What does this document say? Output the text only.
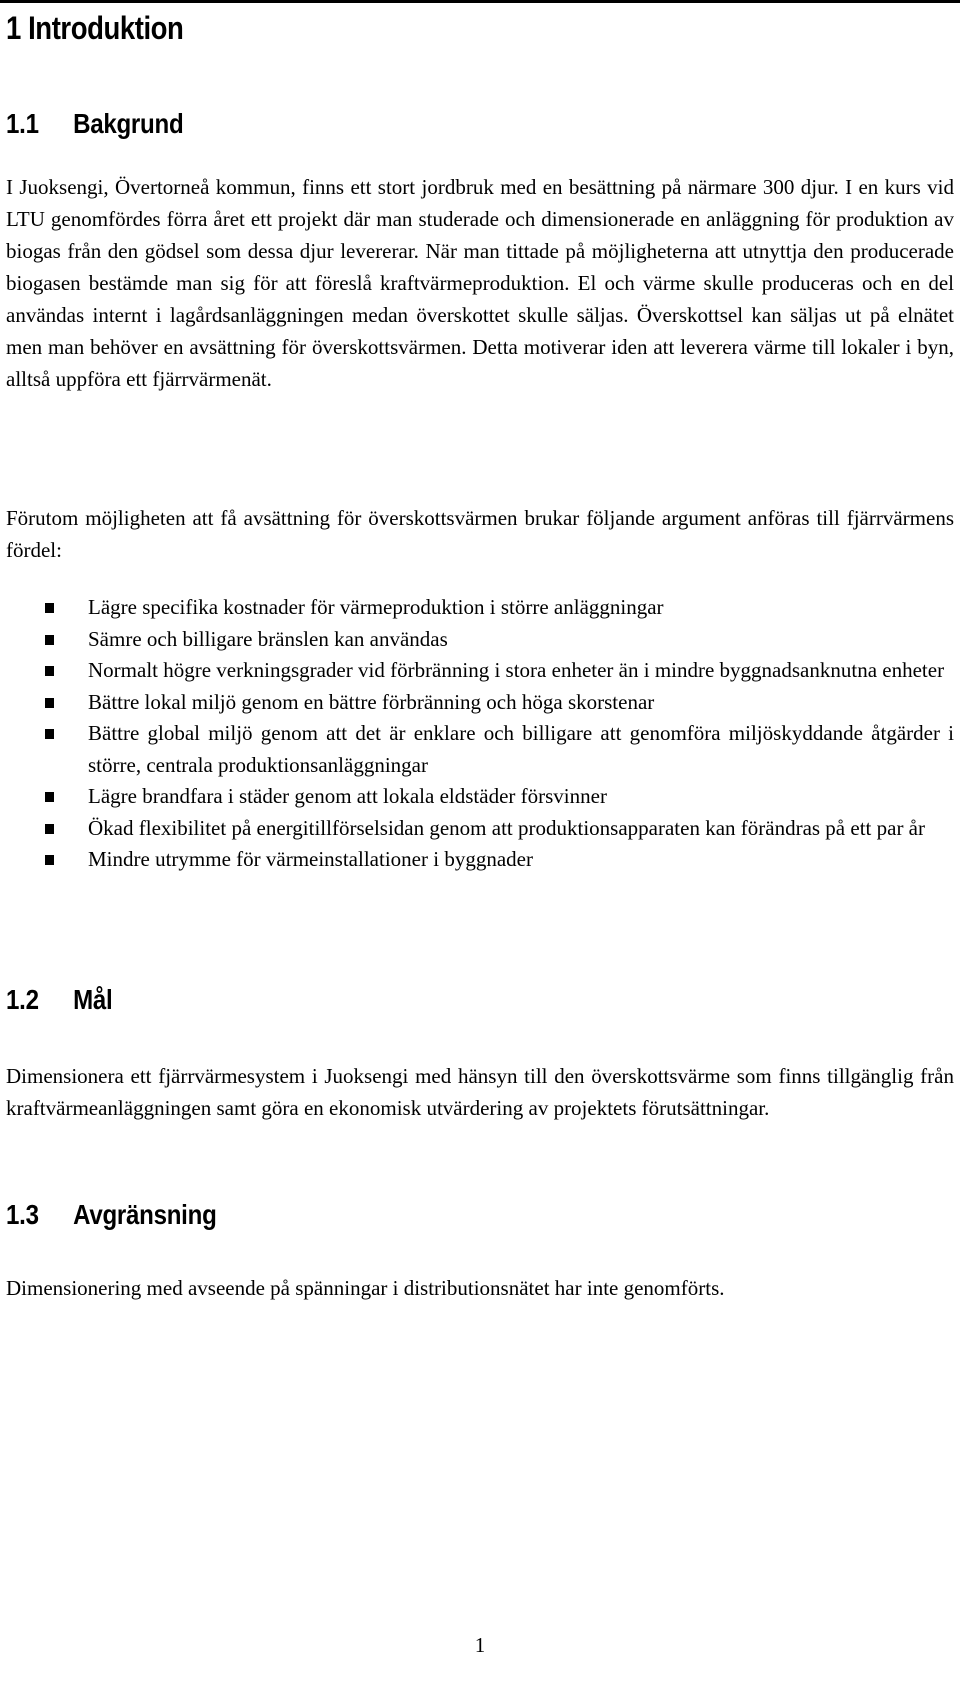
1 Introduktion
1.1 Bakgrund

I Juoksengi, Övertorneå kommun, finns ett stort jordbruk med en besättning på närmare 300 djur. I en kurs vid LTU genomfördes förra året ett projekt där man studerade och dimensionerade en anläggning för produktion av biogas från den gödsel som dessa djur levererar. När man tittade på möjligheterna att utnyttja den producerade biogasen bestämde man sig för att föreslå kraftvärmeproduktion. El och värme skulle produceras och en del användas internt i lagårdsanläggningen medan överskottet skulle säljas. Överskottsel kan säljas ut på elnätet men man behöver en avsättning för överskottsvärmen. Detta motiverar iden att leverera värme till lokaler i byn, alltså uppföra ett fjärrvärmenät.

Förutom möjligheten att få avsättning för överskottsvärmen brukar följande argument anföras till fjärrvärmens fördel:

Lägre specifika kostnader för värmeproduktion i större anläggningar
Sämre och billigare bränslen kan användas
Normalt högre verkningsgrader vid förbränning i stora enheter än i mindre byggnadsanknutna enheter
Bättre lokal miljö genom en bättre förbränning och höga skorstenar
Bättre global miljö genom att det är enklare och billigare att genomföra miljöskyddande åtgärder i större, centrala produktionsanläggningar
Lägre brandfara i städer genom att lokala eldstäder försvinner
Ökad flexibilitet på energitillförselsidan genom att produktionsapparaten kan förändras på ett par år
Mindre utrymme för värmeinstallationer i byggnader
1.2 Mål

Dimensionera ett fjärrvärmesystem i Juoksengi med hänsyn till den överskottsvärme som finns tillgänglig från kraftvärmeanläggningen samt göra en ekonomisk utvärdering av projektets förutsättningar.

1.3 Avgränsning

Dimensionering med avseende på spänningar i distributionsnätet har inte genomförts.

1
